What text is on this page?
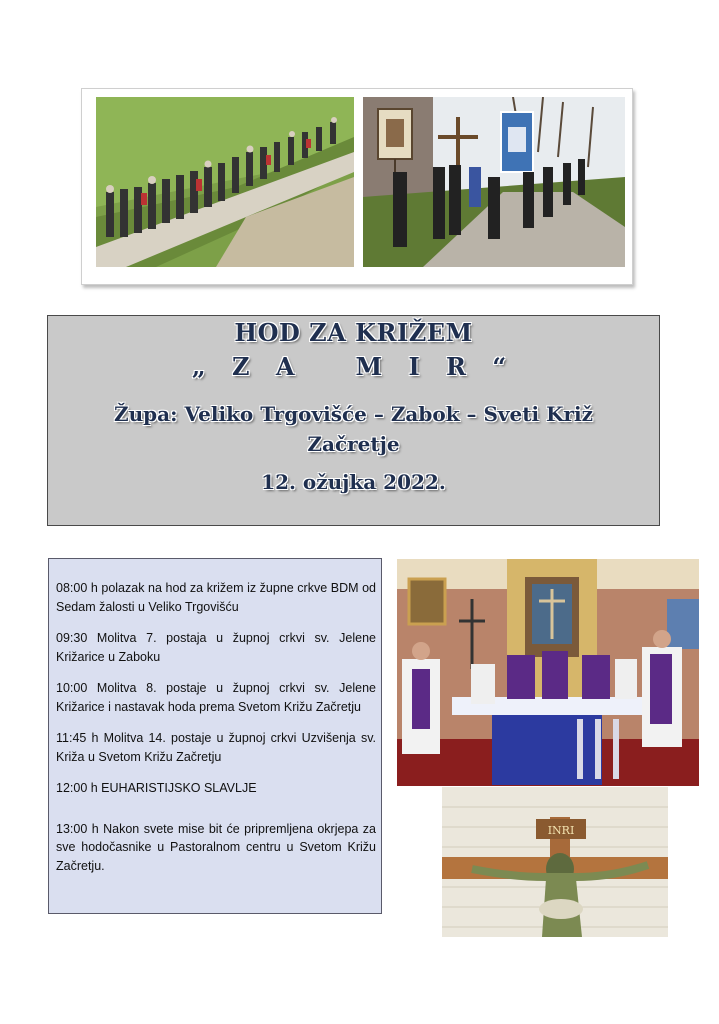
HOD ZA KRIŽEM
„ Z A   M I R “
Župa: Veliko Trgovišće – Zabok – Sveti Križ
Začretje
12. ožujka 2022.

08:00 h polazak na hod za križem iz župne crkve BDM od Sedam žalosti u Veliko Trgovišću

09:30 Molitva 7. postaja u župnoj crkvi sv. Jelene Križarice u Zaboku

10:00 Molitva 8. postaje u župnoj crkvi sv. Jelene Križarice i nastavak hoda prema Svetom Križu Začretju

11:45 h Molitva 14. postaje u župnoj crkvi Uzvišenja sv. Križa u Svetom Križu Začretju

12:00 h EUHARISTIJSKO SLAVLJE

13:00 h Nakon svete mise bit će pripremljena okrjepa za sve hodočasnike u Pastoralnom centru u Svetom Križu Začretju.

INRI
